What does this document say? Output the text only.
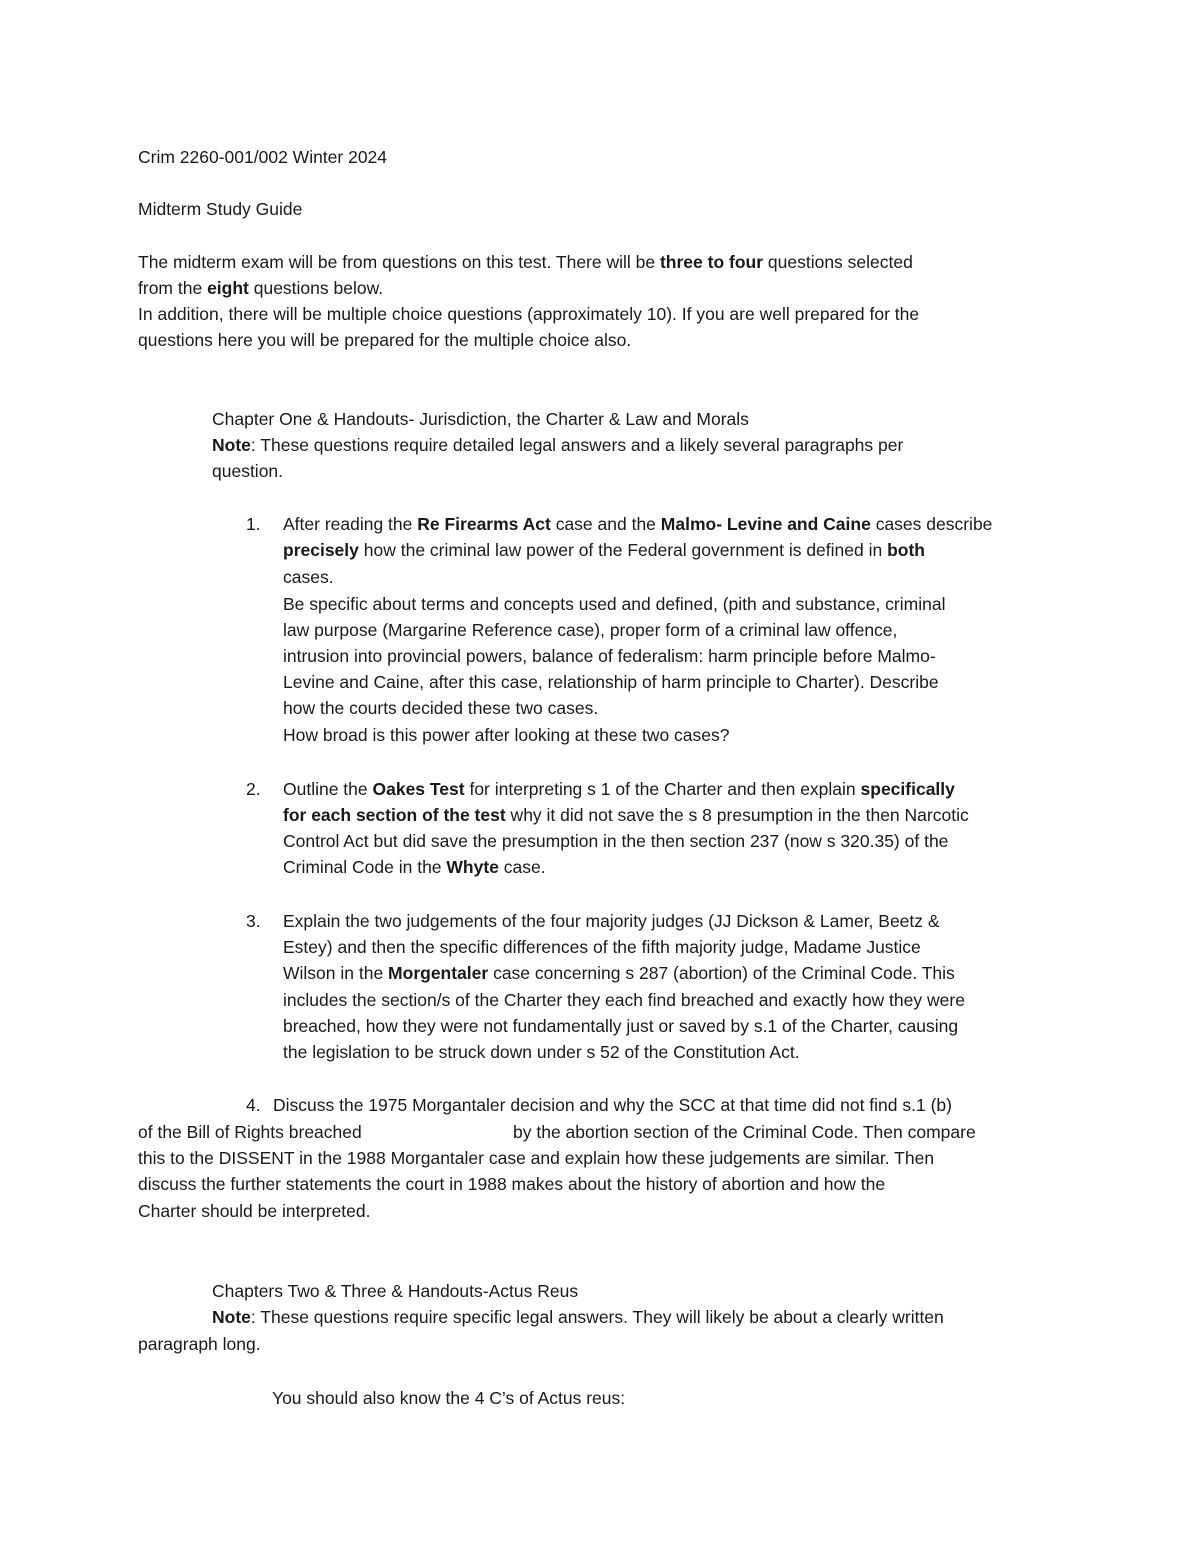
Crim 2260-001/002 Winter 2024
Midterm Study Guide
The midterm exam will be from questions on this test. There will be three to four questions selected
from the eight questions below.
In addition, there will be multiple choice questions (approximately 10). If you are well prepared for the
questions here you will be prepared for the multiple choice also.
Chapter One & Handouts- Jurisdiction, the Charter & Law and Morals
Note: These questions require detailed legal answers and a likely several paragraphs per
question.
1. After reading the Re Firearms Act case and the Malmo- Levine and Caine cases describe
precisely how the criminal law power of the Federal government is defined in both
cases.
Be specific about terms and concepts used and defined, (pith and substance, criminal
law purpose (Margarine Reference case), proper form of a criminal law offence,
intrusion into provincial powers, balance of federalism: harm principle before Malmo-
Levine and Caine, after this case, relationship of harm principle to Charter). Describe
how the courts decided these two cases.
How broad is this power after looking at these two cases?
2. Outline the Oakes Test for interpreting s 1 of the Charter and then explain specifically
for each section of the test why it did not save the s 8 presumption in the then Narcotic
Control Act but did save the presumption in the then section 237 (now s 320.35) of the
Criminal Code in the Whyte case.
3. Explain the two judgements of the four majority judges (JJ Dickson & Lamer, Beetz &
Estey) and then the specific differences of the fifth majority judge, Madame Justice
Wilson in the Morgentaler case concerning s 287 (abortion) of the Criminal Code. This
includes the section/s of the Charter they each find breached and exactly how they were
breached, how they were not fundamentally just or saved by s.1 of the Charter, causing
the legislation to be struck down under s 52 of the Constitution Act.
4. Discuss the 1975 Morgantaler decision and why the SCC at that time did not find s.1 (b)
of the Bill of Rights breached	by the abortion section of the Criminal Code. Then compare
this to the DISSENT in the 1988 Morgantaler case and explain how these judgements are similar. Then
discuss the further statements the court in 1988 makes about the history of abortion and how the
Charter should be interpreted.
Chapters Two & Three & Handouts-Actus Reus
Note: These questions require specific legal answers. They will likely be about a clearly written
paragraph long.
You should also know the 4 C’s of Actus reus:
